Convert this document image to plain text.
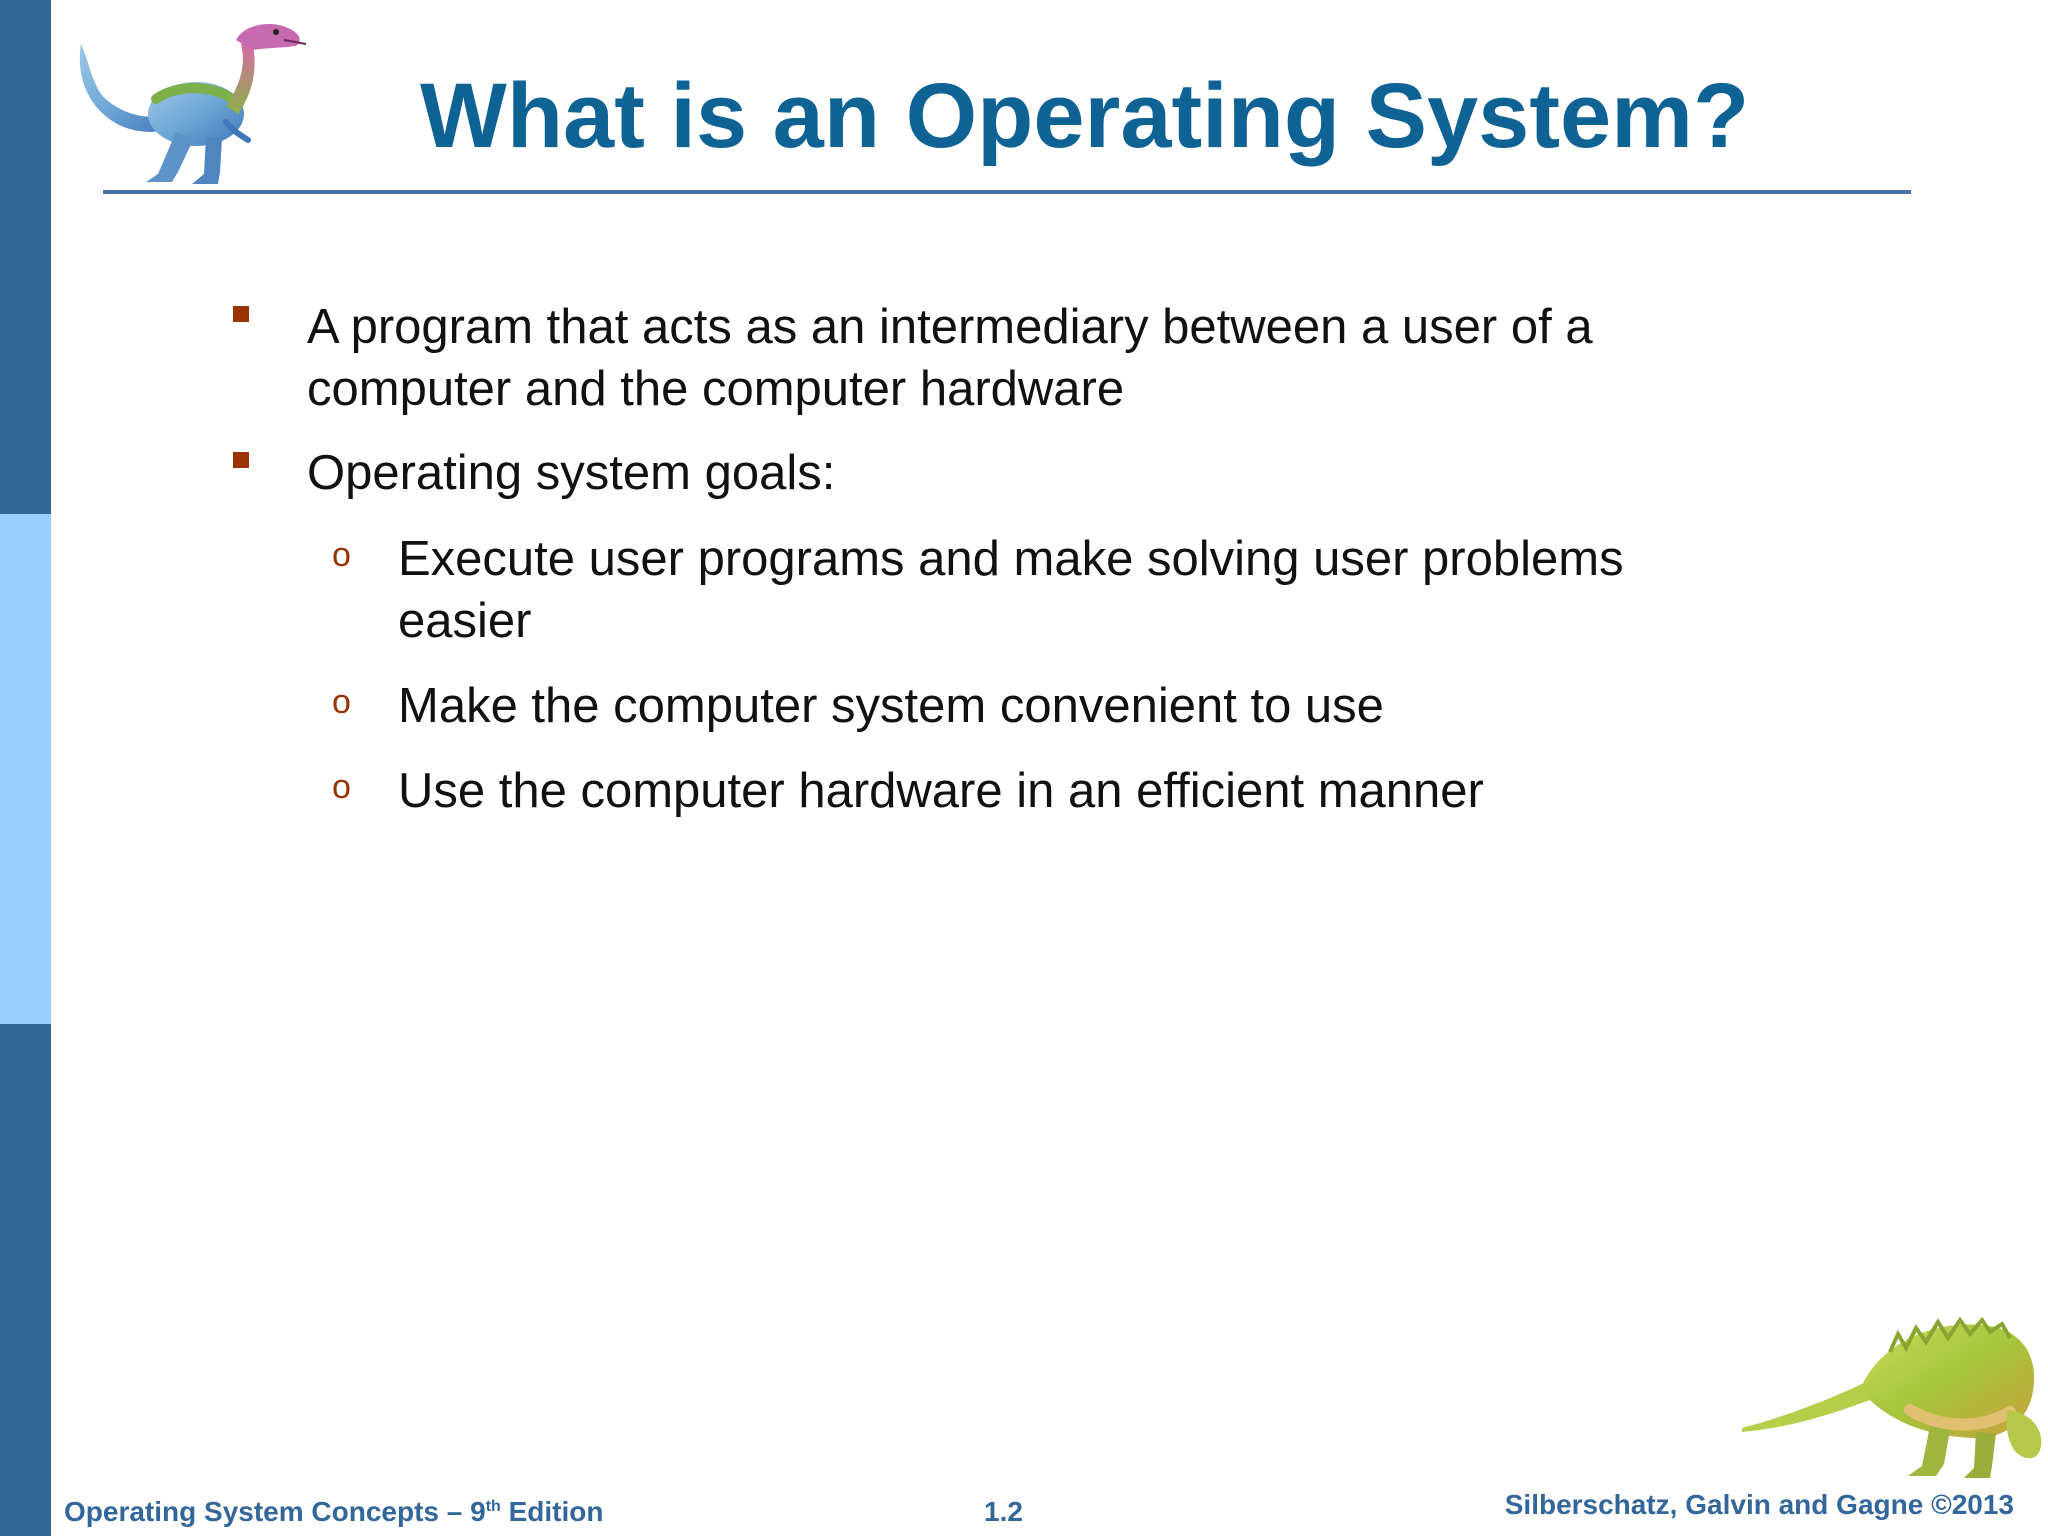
What is an Operating System?
A program that acts as an intermediary between a user of a
computer and the computer hardware
Operating system goals:
o Execute user programs and make solving user problems
easier
o Make the computer system convenient to use
o Use the computer hardware in an efficient manner
Operating System Concepts – 9th Edition	1.2	Silberschatz, Galvin and Gagne ©2013
